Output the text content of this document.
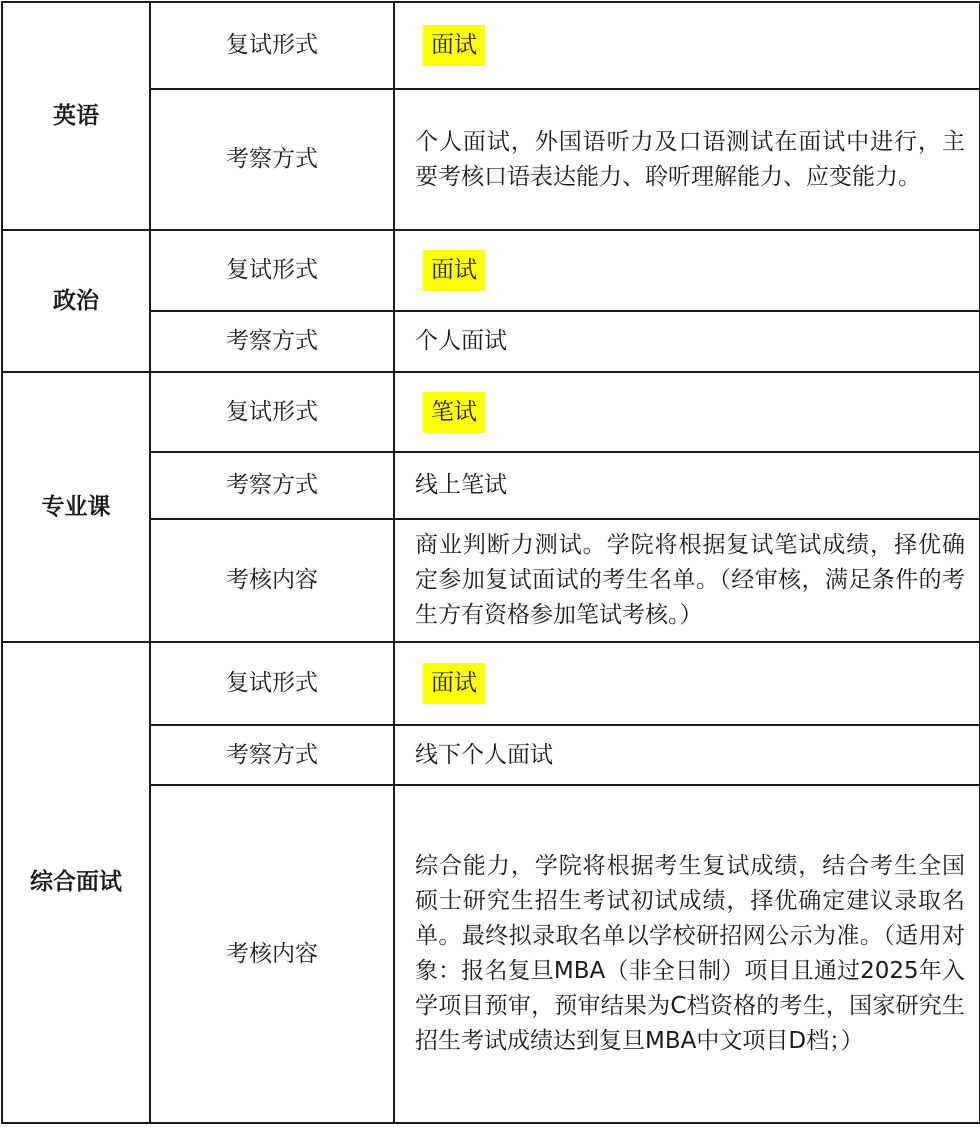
英语	复试形式	面试
	考察方式	个人面试，外国语听力及口语测试在面试中进行，主要考核口语表达能力、聆听理解能力、应变能力。
政治	复试形式	面试
	考察方式	个人面试
专业课	复试形式	笔试
	考察方式	线上笔试
	考核内容	商业判断力测试。学院将根据复试笔试成绩，择优确定参加复试面试的考生名单。（经审核，满足条件的考生方有资格参加笔试考核。）
综合面试	复试形式	面试
	考察方式	线下个人面试
	考核内容	综合能力，学院将根据考生复试成绩，结合考生全国硕士研究生招生考试初试成绩，择优确定建议录取名单。最终拟录取名单以学校研招网公示为准。（适用对象：报名复旦MBA（非全日制）项目且通过2025年入学项目预审，预审结果为C档资格的考生，国家研究生招生考试成绩达到复旦MBA中文项目D档；）
